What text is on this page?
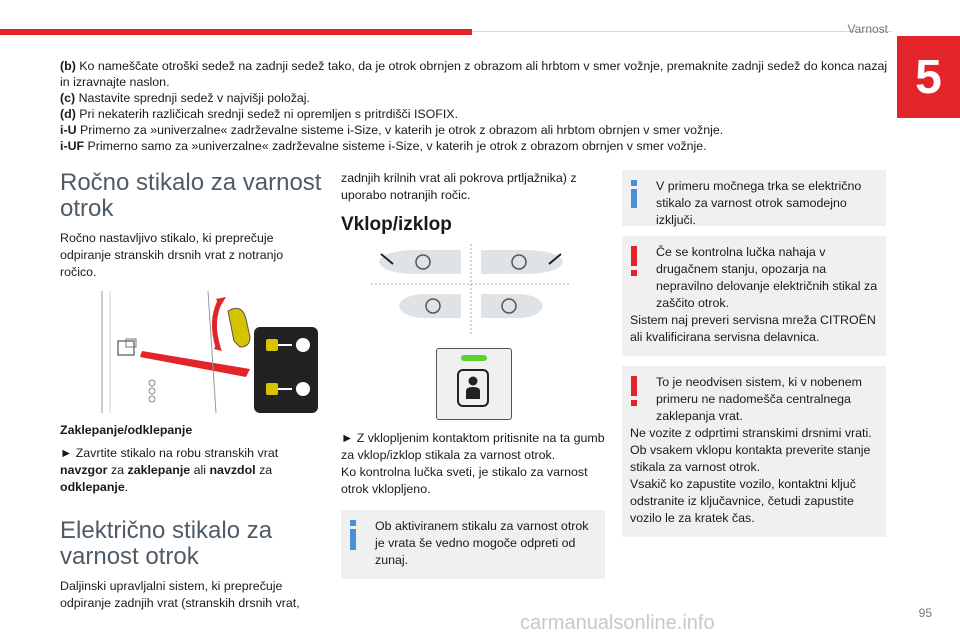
Varnost
5

(b) Ko nameščate otroški sedež na zadnji sedež tako, da je otrok obrnjen z obrazom ali hrbtom v smer vožnje, premaknite zadnji sedež do konca nazaj in izravnajte naslon.

(c) Nastavite sprednji sedež v najvišji položaj.

(d) Pri nekaterih različicah srednji sedež ni opremljen s pritrdišči ISOFIX.

i-U Primerno za »univerzalne« zadrževalne sisteme i-Size, v katerih je otrok z obrazom ali hrbtom obrnjen v smer vožnje.

i-UF Primerno samo za »univerzalne« zadrževalne sisteme i-Size, v katerih je otrok z obrazom obrnjen v smer vožnje.

Ročno stikalo za varnost otrok

Ročno nastavljivo stikalo, ki preprečuje odpiranje stranskih drsnih vrat z notranjo ročico.

Zaklepanje/odklepanje

► Zavrtite stikalo na robu stranskih vrat navzgor za zaklepanje ali navzdol za odklepanje.

Električno stikalo za varnost otrok

Daljinski upravljalni sistem, ki preprečuje odpiranje zadnjih vrat (stranskih drsnih vrat,

zadnjih krilnih vrat ali pokrova prtljažnika) z uporabo notranjih ročic.

Vklop/izklop

► Z vklopljenim kontaktom pritisnite na ta gumb za vklop/izklop stikala za varnost otrok.

Ko kontrolna lučka sveti, je stikalo za varnost otrok vklopljeno.

Ob aktiviranem stikalu za varnost otrok je vrata še vedno mogoče odpreti od zunaj.
V primeru močnega trka se električno stikalo za varnost otrok samodejno izključi.
Če se kontrolna lučka nahaja v drugačnem stanju, opozarja na nepravilno delovanje električnih stikal za zaščito otrok.
Sistem naj preveri servisna mreža CITROËN ali kvalificirana servisna delavnica.
To je neodvisen sistem, ki v nobenem primeru ne nadomešča centralnega zaklepanja vrat.
Ne vozite z odprtimi stranskimi drsnimi vrati.
Ob vsakem vklopu kontakta preverite stanje stikala za varnost otrok.
Vsakič ko zapustite vozilo, kontaktni ključ odstranite iz ključavnice, četudi zapustite vozilo le za kratek čas.
95
carmanualsonline.info
